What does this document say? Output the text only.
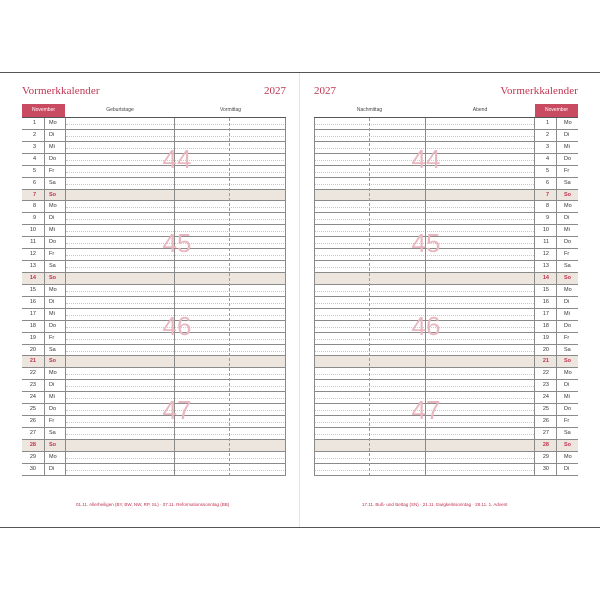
Vormerkkalender	2027
November	Geburtstage	Vormittag
1 Mo
2 Di
3 Mi
4 Do
5 Fr
6 Sa
7 So
8 Mo
9 Di
10 Mi
11 Do
12 Fr
13 Sa
14 So
15 Mo
16 Di
17 Mi
18 Do
19 Fr
20 Sa
21 So
22 Mo
23 Di
24 Mi
25 Do
26 Fr
27 Sa
28 So
29 Mo
30 Di
44
45
46
47
01.11. Allerheiligen (BY, BW, NW, RP, SL) · 07.11. Reformationssonntag (BB)
2027	Vormerkkalender
Nachmittag	Abend	November
1	Mo
2	Di
3	Mi
4	Do
5	Fr
6	Sa
7	So
8	Mo
9	Di
10	Mi
11	Do
12	Fr
13	Sa
14	So
15	Mo
16	Di
17	Mi
18	Do
19	Fr
20	Sa
21	So
22	Mo
23	Di
24	Mi
25	Do
26	Fr
27	Sa
28	So
29	Mo
30	Di
44
45
46
47
17.11. Buß- und Bettag (SN) · 21.11. Ewigkeitssonntag · 28.11. 1. Advent
